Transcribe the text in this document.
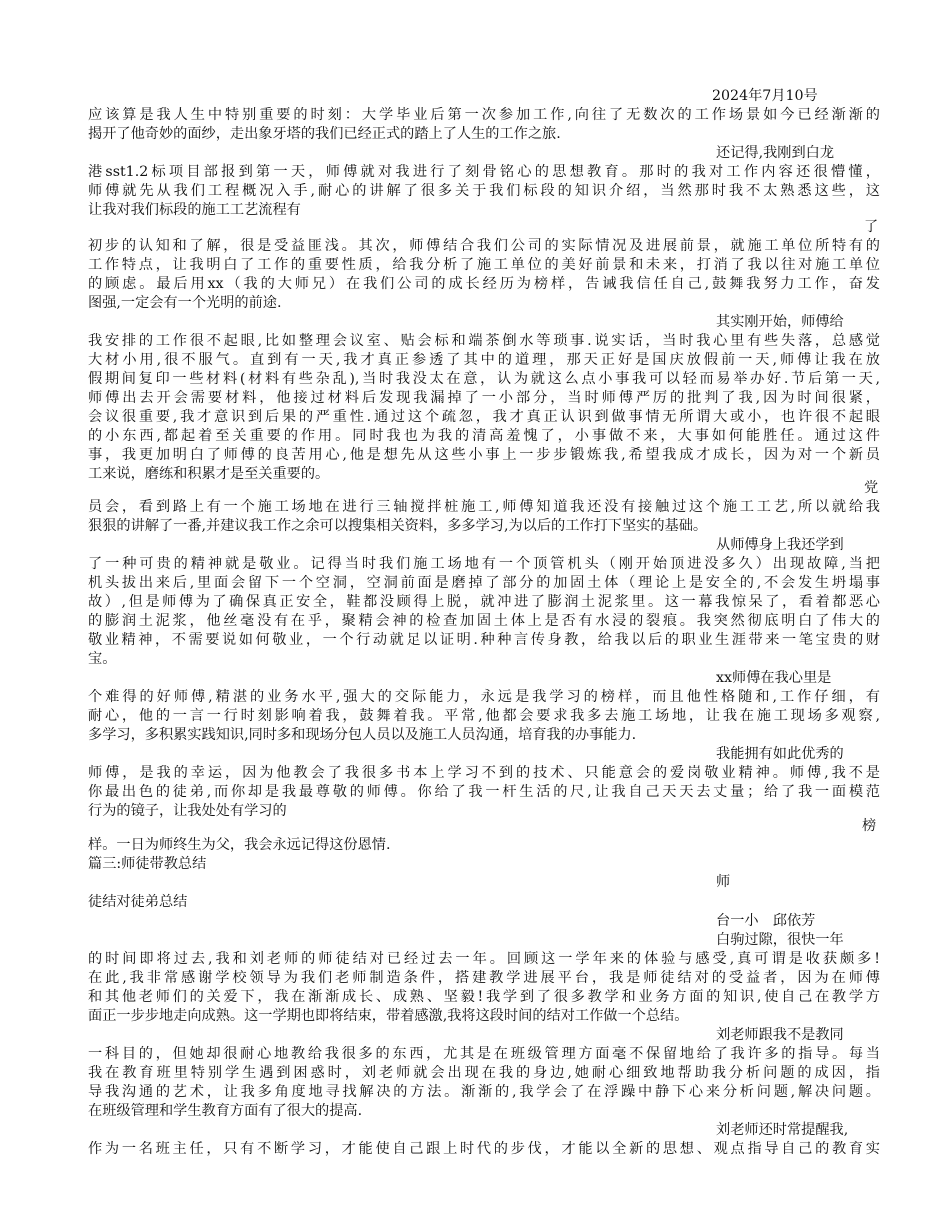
2024年7月10号
应该算是我人生中特别重要的时刻：大学毕业后第一次参加工作,向往了无数次的工作场景如今已经渐渐的
揭开了他奇妙的面纱，走出象牙塔的我们已经正式的踏上了人生的工作之旅.
还记得,我刚到白龙
港sst1.2标项目部报到第一天，师傅就对我进行了刻骨铭心的思想教育。那时的我对工作内容还很懵懂，
师傅就先从我们工程概况入手,耐心的讲解了很多关于我们标段的知识介绍，当然那时我不太熟悉这些，这
让我对我们标段的施工工艺流程有
了
初步的认知和了解，很是受益匪浅。其次，师傅结合我们公司的实际情况及进展前景，就施工单位所特有的
工作特点，让我明白了工作的重要性质，给我分析了施工单位的美好前景和未来，打消了我以往对施工单位
的顾虑。最后用xx（我的大师兄）在我们公司的成长经历为榜样，告诫我信任自己,鼓舞我努力工作，奋发
图强,一定会有一个光明的前途.
其实刚开始，师傅给
我安排的工作很不起眼,比如整理会议室、贴会标和端茶倒水等琐事.说实话，当时我心里有些失落，总感觉
大材小用,很不服气。直到有一天,我才真正参透了其中的道理，那天正好是国庆放假前一天,师傅让我在放
假期间复印一些材料(材料有些杂乱),当时我没太在意，认为就这么点小事我可以轻而易举办好.节后第一天,
师傅出去开会需要材料，他接过材料后发现我漏掉了一小部分，当时师傅严厉的批判了我,因为时间很紧，
会议很重要,我才意识到后果的严重性.通过这个疏忽，我才真正认识到做事情无所谓大或小，也许很不起眼
的小东西,都起着至关重要的作用。同时我也为我的清高羞愧了，小事做不来，大事如何能胜任。通过这件
事，我更加明白了师傅的良苦用心,他是想先从这些小事上一步步锻炼我,希望我成才成长，因为对一个新员
工来说，磨练和积累才是至关重要的。
党
员会，看到路上有一个施工场地在进行三轴搅拌桩施工,师傅知道我还没有接触过这个施工工艺,所以就给我
狠狠的讲解了一番,并建议我工作之余可以搜集相关资料，多多学习,为以后的工作打下坚实的基础。
从师傅身上我还学到
了一种可贵的精神就是敬业。记得当时我们施工场地有一个顶管机头（刚开始顶进没多久）出现故障,当把
机头拔出来后,里面会留下一个空洞，空洞前面是磨掉了部分的加固土体（理论上是安全的,不会发生坍塌事
故）,但是师傅为了确保真正安全，鞋都没顾得上脱，就冲进了膨润土泥浆里。这一幕我惊呆了，看着都恶心
的膨润土泥浆，他丝毫没有在乎，聚精会神的检查加固土体上是否有水浸的裂痕。我突然彻底明白了伟大的
敬业精神，不需要说如何敬业，一个行动就足以证明.种种言传身教，给我以后的职业生涯带来一笔宝贵的财
宝。
xx师傅在我心里是
个难得的好师傅,精湛的业务水平,强大的交际能力，永远是我学习的榜样，而且他性格随和,工作仔细，有
耐心，他的一言一行时刻影响着我，鼓舞着我。平常,他都会要求我多去施工场地，让我在施工现场多观察,
多学习，多积累实践知识,同时多和现场分包人员以及施工人员沟通，培育我的办事能力.
我能拥有如此优秀的
师傅，是我的幸运，因为他教会了我很多书本上学习不到的技术、只能意会的爱岗敬业精神。师傅,我不是
你最出色的徒弟,而你却是我最尊敬的师傅。你给了我一杆生活的尺,让我自己天天去丈量；给了我一面模范
行为的镜子，让我处处有学习的
榜
样。一日为师终生为父，我会永远记得这份恩情.
篇三:师徒带教总结
师
徒结对徒弟总结
台一小　邱依芳
白驹过隙，很快一年
的时间即将过去,我和刘老师的师徒结对已经过去一年。回顾这一学年来的体验与感受,真可谓是收获颇多!
在此,我非常感谢学校领导为我们老师制造条件，搭建教学进展平台，我是师徒结对的受益者，因为在师傅
和其他老师们的关爱下，我在渐渐成长、成熟、坚毅!我学到了很多教学和业务方面的知识,使自己在教学方
面正一步步地走向成熟。这一学期也即将结束，带着感激,我将这段时间的结对工作做一个总结。
刘老师跟我不是教同
一科目的，但她却很耐心地教给我很多的东西，尤其是在班级管理方面毫不保留地给了我许多的指导。每当
我在教育班里特别学生遇到困惑时，刘老师就会出现在我的身边,她耐心细致地帮助我分析问题的成因，指
导我沟通的艺术，让我多角度地寻找解决的方法。渐渐的,我学会了在浮躁中静下心来分析问题,解决问题。
在班级管理和学生教育方面有了很大的提高.
刘老师还时常提醒我,
作为一名班主任，只有不断学习，才能使自己跟上时代的步伐，才能以全新的思想、观点指导自己的教育实
